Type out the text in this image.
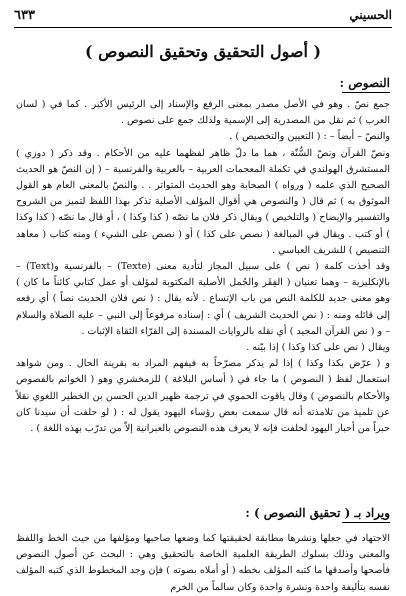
٦٣٣	الحسيني
( أصول التحقيق وتحقيق النصوص )
النصوص :

جمع نصّ . وهو في الأصل مصدر بمعنى الرفع والإسناد إلى الرئيس الأكبر . كما في ( لسان العرب ) ثم نقل من المصدرية إلى الإسمية ولذلك جمع على نصوص .

والنصّ – أيضاً – : ( التعيين والتخصيص ) .

ونصّ القرآن ونصّ السُّنّة ، هما ما دلّ ظاهر لفظهما عليه من الأحكام . وقد ذكر ( دوزي ) المستشرق الهولندي في تكملة المعجمات العربية – بالعربية والفرنسية – ( إن النصّ هو الحديث الصحيح الذي علمه ( ورواه ) الصحابة وهو الحديث المتواتر . . والنصّ بالمعنى العام هو القول الموثوق به ) ثم قال ( والنصوص هي أقوال المؤلف الأصلية تذكر بهذا اللفظ لتميز من الشروح والتفسير والإيضاح ( والتلخيص ) ويقال ذكر فلان ما نصّه ( كذا وكذا ) ، أو قال ما نصّه ( كذا وكذا ) أو كتب . ويقال في المبالغة ( نصص على كذا ) أو ( نصص على الشيء ) ومنه كتاب ( معاهد التنصيص ) للشريف العباسي .

وقد أخذت كلمة ( نص ) على سبيل المجاز لتأدية معنى (Texte) – بالفرنسية و(Text) – بالإنكليزية – وهما تعنيان ( الفِقَر والجُمل الأصلية المكتوبة لمؤلف أو عمل كتابي كائناً ما كان ) وهو معنى جديد للكلمة النص من باب الإتساع . لأنه يقال : ( نص فلان الحديث نصاً ) أي رفعه إلى قائله ومنه : ( نص الحديث الشريف ) أي : إسناده مرفوعاً إلى النبي – عليه الصلاة والسلام – و ( نص القرآن المجيد ) أي نقله بالروايات المسندة إلى القرّاء الثقاة الإثبات .

ويقال ( نص على كذا وكذا ) إذا بيّنه .

و ( عرّض بكذا وكذا ) إذا لم يذكر مصرّحاً به فيفهم المراد به بقرينة الحال . ومن شواهد استعمال لفظ ( النصوص ) ما جاء في ( أساس البلاغة ) للزمخشري وهو ( الخواتم بالفصوص والأحكام بالنصوص ) وقال ياقوت الحموي في ترجمة ظهير الدين الحسن بن الخطير اللغوي نقلاً عن تلميذ من تلامذته أنه قال سمعت بعض رؤساء اليهود يقول له : ( لو حلفت أن سيدنا كان حبراً من أحبار اليهود لحلفت فإنه لا يعرف هذه النصوص بالعبرانية إلاّ من تدرّب بهذه اللغة ) .

ويراد بـ ( تحقيق النصوص ) :

الاجتهاد في جعلها ونشرها مطابقة لحقيقتها كما وضعها صاحبها ومؤلفها من حيث الخط واللفظ والمعنى وذلك بسلوك الطريقة العلمية الخاصة بالتحقيق وهي : البحث عن أصول النصوص فأصحها وأصدقها ما كتبه المؤلف بخطه ( أو أملاه بصوته ) فإن وجد المخطوط الذي كتبه المؤلف نفسه بتأليفة واحدة ونشرة واحدة وكان سالماً من الخرم
